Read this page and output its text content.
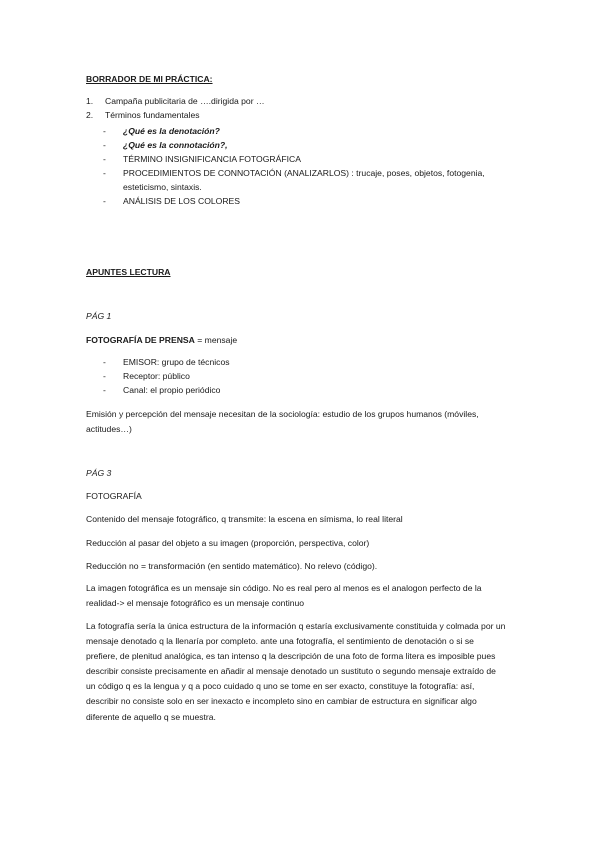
BORRADOR DE MI PRÁCTICA:
1. Campaña publicitaria de ….dirigida por …
2. Términos fundamentales
- ¿Qué es la denotación?
- ¿Qué es la connotación?,
- TÉRMINO INSIGNIFICANCIA FOTOGRÁFICA
- PROCEDIMIENTOS DE CONNOTACIÓN (ANALIZARLOS) : trucaje, poses, objetos, fotogenia, esteticismo, sintaxis.
- ANÁLISIS DE LOS COLORES
APUNTES LECTURA
PÁG 1
FOTOGRAFÍA DE PRENSA = mensaje
- EMISOR: grupo de técnicos
- Receptor: público
- Canal: el propio periódico

Emisión y percepción del mensaje necesitan de la sociología: estudio de los grupos humanos (móviles, actitudes…)

PÁG 3
FOTOGRAFÍA

Contenido del mensaje fotográfico, q transmite: la escena en símisma, lo real literal

Reducción al pasar del objeto a su imagen (proporción, perspectiva, color)

Reducción no = transformación (en sentido matemático). No relevo (código).

La imagen fotográfica es un mensaje sin código. No es real pero al menos es el analogon perfecto de la realidad-> el mensaje fotográfico es un mensaje continuo

La fotografía sería la única estructura de la información q estaría exclusivamente constituida y colmada por un mensaje denotado q la llenaría por completo. ante una fotografía, el sentimiento de denotación o si se prefiere, de plenitud analógica, es tan intenso q la descripción de una foto de forma litera es imposible pues describir consiste precisamente en añadir al mensaje denotado un sustituto o segundo mensaje extraído de un código q es la lengua y q a poco cuidado q uno se tome en ser exacto, constituye la fotografía: así, describir no consiste solo en ser inexacto e incompleto sino en cambiar de estructura en significar algo diferente de aquello q se muestra.
